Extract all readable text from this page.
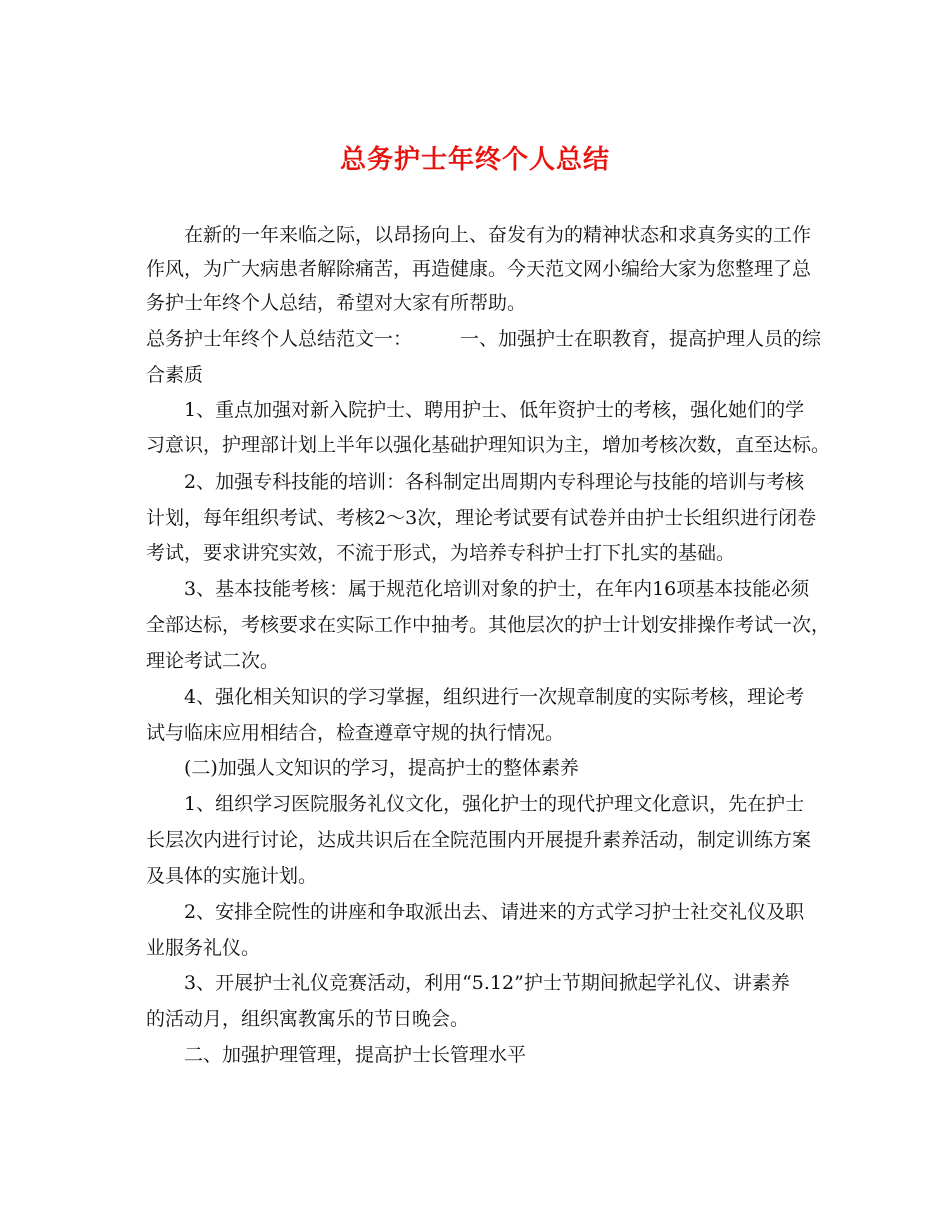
总务护士年终个人总结
在新的一年来临之际，以昂扬向上、奋发有为的精神状态和求真务实的工作
作风，为广大病患者解除痛苦，再造健康。今天范文网小编给大家为您整理了总
务护士年终个人总结，希望对大家有所帮助。
总务护士年终个人总结范文一：	一、加强护士在职教育，提高护理人员的综
合素质
1、重点加强对新入院护士、聘用护士、低年资护士的考核，强化她们的学
习意识，护理部计划上半年以强化基础护理知识为主，增加考核次数，直至达标。
2、加强专科技能的培训：各科制定出周期内专科理论与技能的培训与考核
计划，每年组织考试、考核2～3次，理论考试要有试卷并由护士长组织进行闭卷
考试，要求讲究实效，不流于形式，为培养专科护士打下扎实的基础。
3、基本技能考核：属于规范化培训对象的护士，在年内16项基本技能必须
全部达标，考核要求在实际工作中抽考。其他层次的护士计划安排操作考试一次，
理论考试二次。
4、强化相关知识的学习掌握，组织进行一次规章制度的实际考核，理论考
试与临床应用相结合，检查遵章守规的执行情况。
(二)加强人文知识的学习，提高护士的整体素养
1、组织学习医院服务礼仪文化，强化护士的现代护理文化意识，先在护士
长层次内进行讨论，达成共识后在全院范围内开展提升素养活动，制定训练方案
及具体的实施计划。
2、安排全院性的讲座和争取派出去、请进来的方式学习护士社交礼仪及职
业服务礼仪。
3、开展护士礼仪竞赛活动，利用“5.12”护士节期间掀起学礼仪、讲素养
的活动月，组织寓教寓乐的节日晚会。
二、加强护理管理，提高护士长管理水平
